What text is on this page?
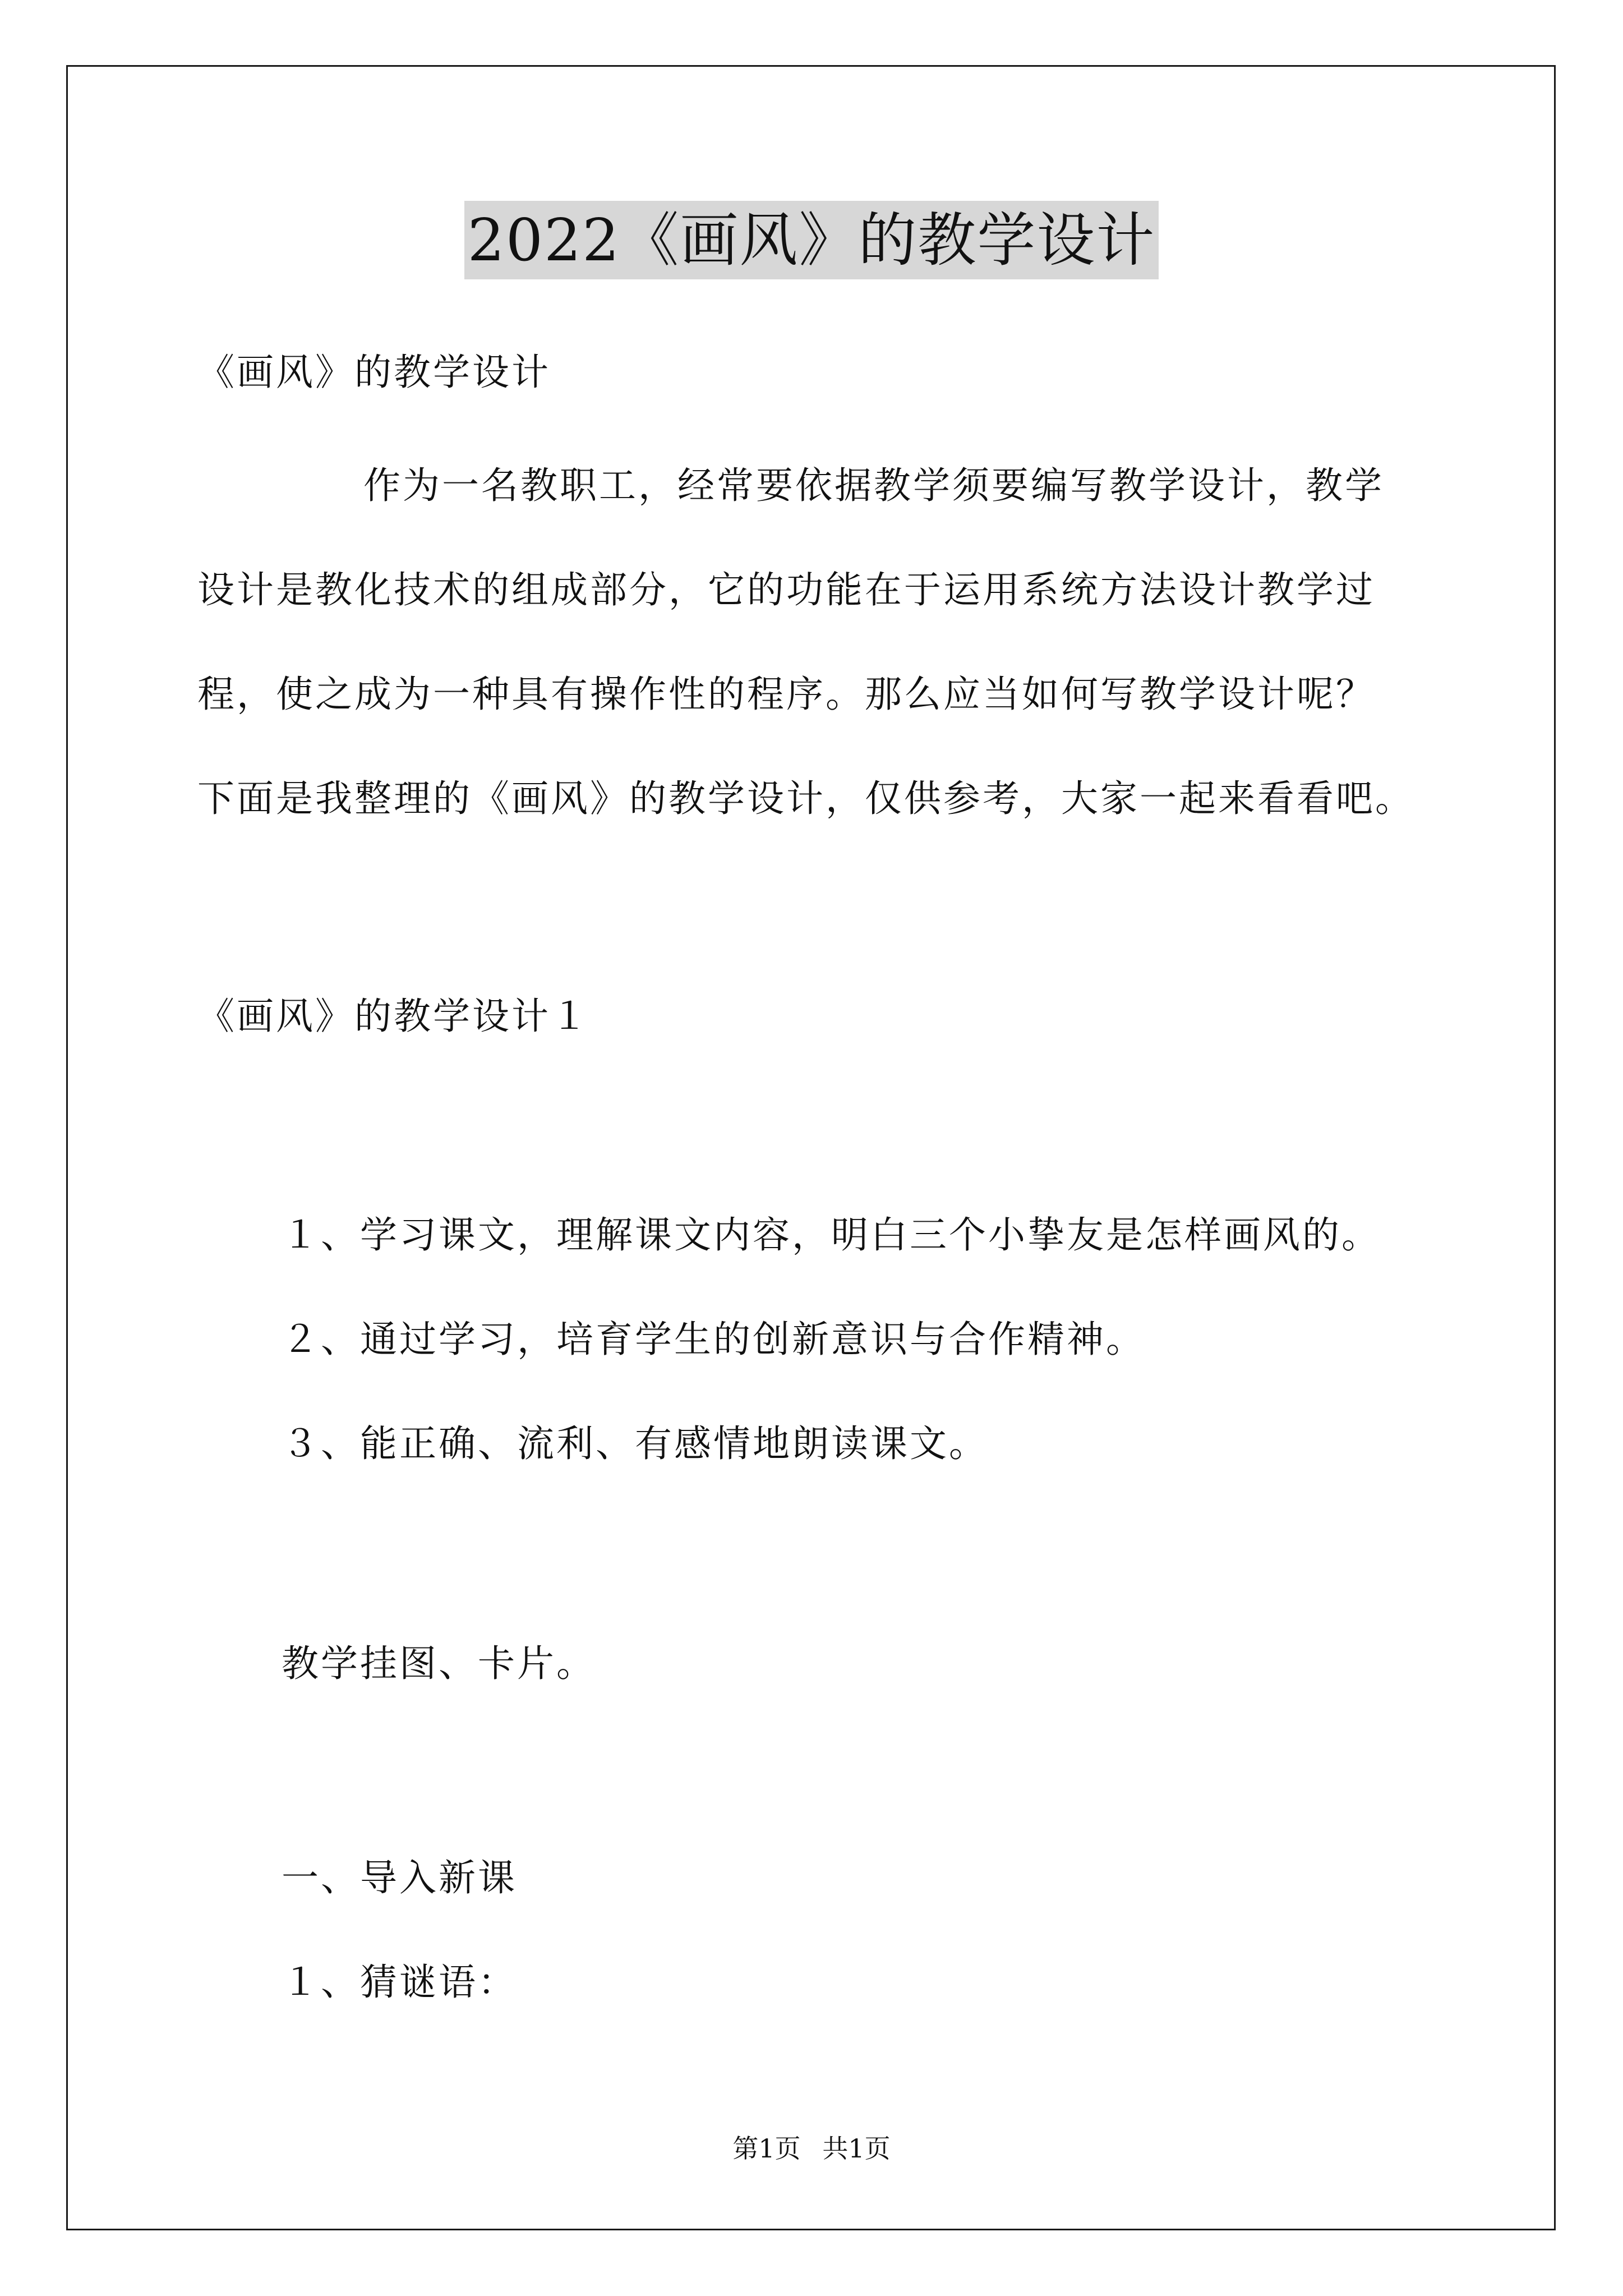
2022《画风》的教学设计
《画风》的教学设计
作为一名教职工，经常要依据教学须要编写教学设计，教学
设计是教化技术的组成部分，它的功能在于运用系统方法设计教学过
程，使之成为一种具有操作性的程序。那么应当如何写教学设计呢？
下面是我整理的《画风》的教学设计，仅供参考，大家一起来看看吧。
《画风》的教学设计１
１、学习课文，理解课文内容，明白三个小挚友是怎样画风的。
２、通过学习，培育学生的创新意识与合作精神。
３、能正确、流利、有感情地朗读课文。
教学挂图、卡片。
一、导入新课
１、猜谜语：
第1页 共1页
